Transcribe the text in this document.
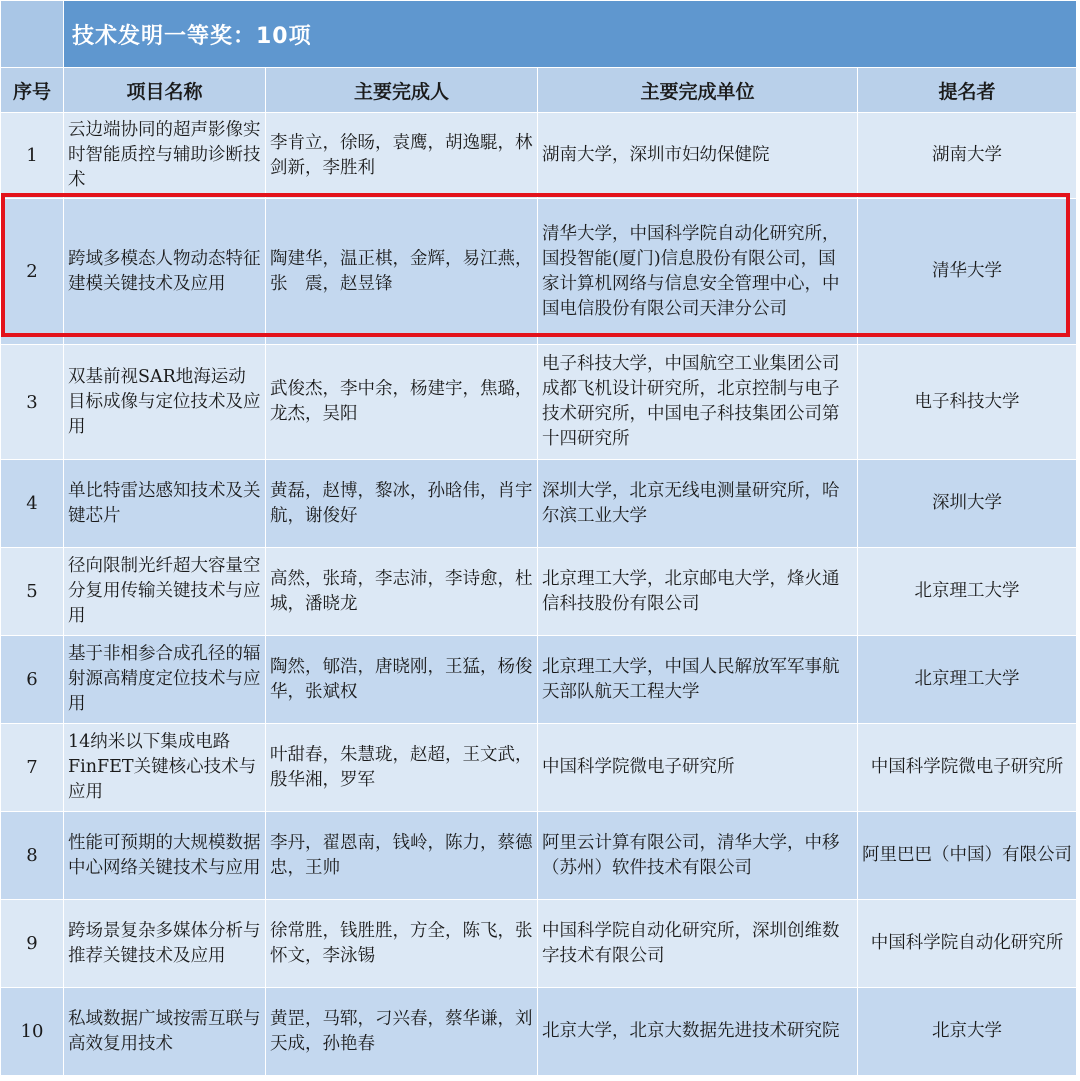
	技术发明一等奖：10项			
序号	项目名称	主要完成人	主要完成单位	提名者
1	云边端协同的超声影像实时智能质控与辅助诊断技术	李肯立，徐旸，袁鹰，胡逸騉，林剑新，李胜利	湖南大学，深圳市妇幼保健院	湖南大学
2	跨域多模态人物动态特征建模关键技术及应用	陶建华，温正棋，金辉，易江燕，张　震，赵昱锋	清华大学，中国科学院自动化研究所，国投智能(厦门)信息股份有限公司，国家计算机网络与信息安全管理中心，中国电信股份有限公司天津分公司	清华大学
3	双基前视SAR地海运动目标成像与定位技术及应用	武俊杰，李中余，杨建宇，焦璐，龙杰，吴阳	电子科技大学，中国航空工业集团公司成都飞机设计研究所，北京控制与电子技术研究所，中国电子科技集团公司第十四研究所	电子科技大学
4	单比特雷达感知技术及关键芯片	黄磊，赵博，黎冰，孙晗伟，肖宇航，谢俊好	深圳大学，北京无线电测量研究所，哈尔滨工业大学	深圳大学
5	径向限制光纤超大容量空分复用传输关键技术与应用	高然，张琦，李志沛，李诗愈，杜城，潘晓龙	北京理工大学，北京邮电大学，烽火通信科技股份有限公司	北京理工大学
6	基于非相参合成孔径的辐射源高精度定位技术与应用	陶然，郇浩，唐晓刚，王猛，杨俊华，张斌权	北京理工大学，中国人民解放军军事航天部队航天工程大学	北京理工大学
7	14纳米以下集成电路FinFET关键核心技术与应用	叶甜春，朱慧珑，赵超，王文武，殷华湘，罗军	中国科学院微电子研究所	中国科学院微电子研究所
8	性能可预期的大规模数据中心网络关键技术与应用	李丹，翟恩南，钱岭，陈力，蔡德忠，王帅	阿里云计算有限公司，清华大学，中移（苏州）软件技术有限公司	阿里巴巴（中国）有限公司
9	跨场景复杂多媒体分析与推荐关键技术及应用	徐常胜，钱胜胜，方全，陈飞，张怀文，李泳锡	中国科学院自动化研究所，深圳创维数字技术有限公司	中国科学院自动化研究所
10	私域数据广域按需互联与高效复用技术	黄罡，马郓，刁兴春，蔡华谦，刘天成，孙艳春	北京大学，北京大数据先进技术研究院	北京大学
